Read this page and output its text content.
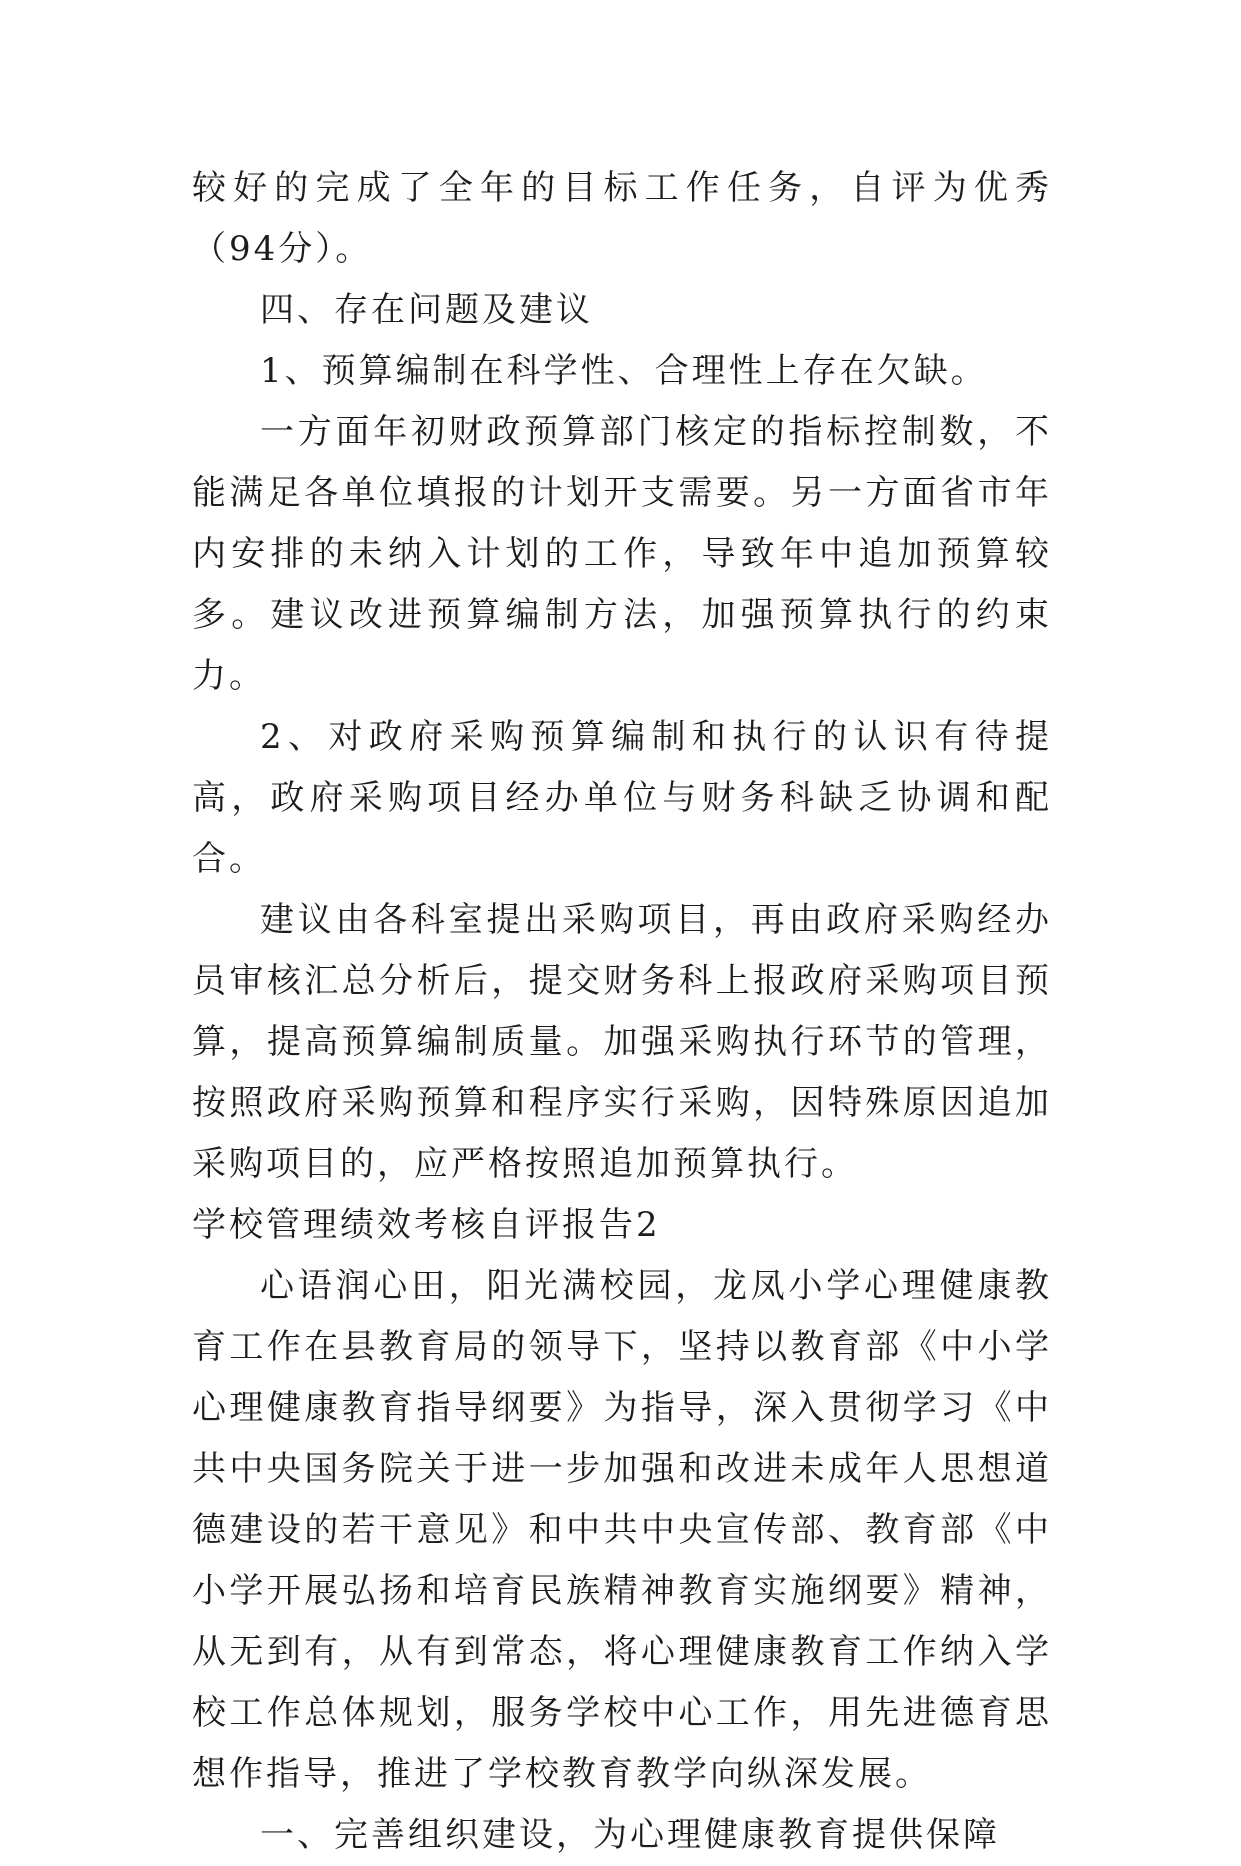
较好的完成了全年的目标工作任务，自评为优秀（94分）。

四、存在问题及建议

1、预算编制在科学性、合理性上存在欠缺。

一方面年初财政预算部门核定的指标控制数，不能满足各单位填报的计划开支需要。另一方面省市年内安排的未纳入计划的工作，导致年中追加预算较多。建议改进预算编制方法，加强预算执行的约束力。

2、对政府采购预算编制和执行的认识有待提高，政府采购项目经办单位与财务科缺乏协调和配合。

建议由各科室提出采购项目，再由政府采购经办员审核汇总分析后，提交财务科上报政府采购项目预算，提高预算编制质量。加强采购执行环节的管理，按照政府采购预算和程序实行采购，因特殊原因追加采购项目的，应严格按照追加预算执行。

学校管理绩效考核自评报告2

心语润心田，阳光满校园，龙凤小学心理健康教育工作在县教育局的领导下，坚持以教育部《中小学心理健康教育指导纲要》为指导，深入贯彻学习《中共中央国务院关于进一步加强和改进未成年人思想道德建设的若干意见》和中共中央宣传部、教育部《中小学开展弘扬和培育民族精神教育实施纲要》精神，从无到有，从有到常态，将心理健康教育工作纳入学校工作总体规划，服务学校中心工作，用先进德育思想作指导，推进了学校教育教学向纵深发展。

一、完善组织建设，为心理健康教育提供保障
